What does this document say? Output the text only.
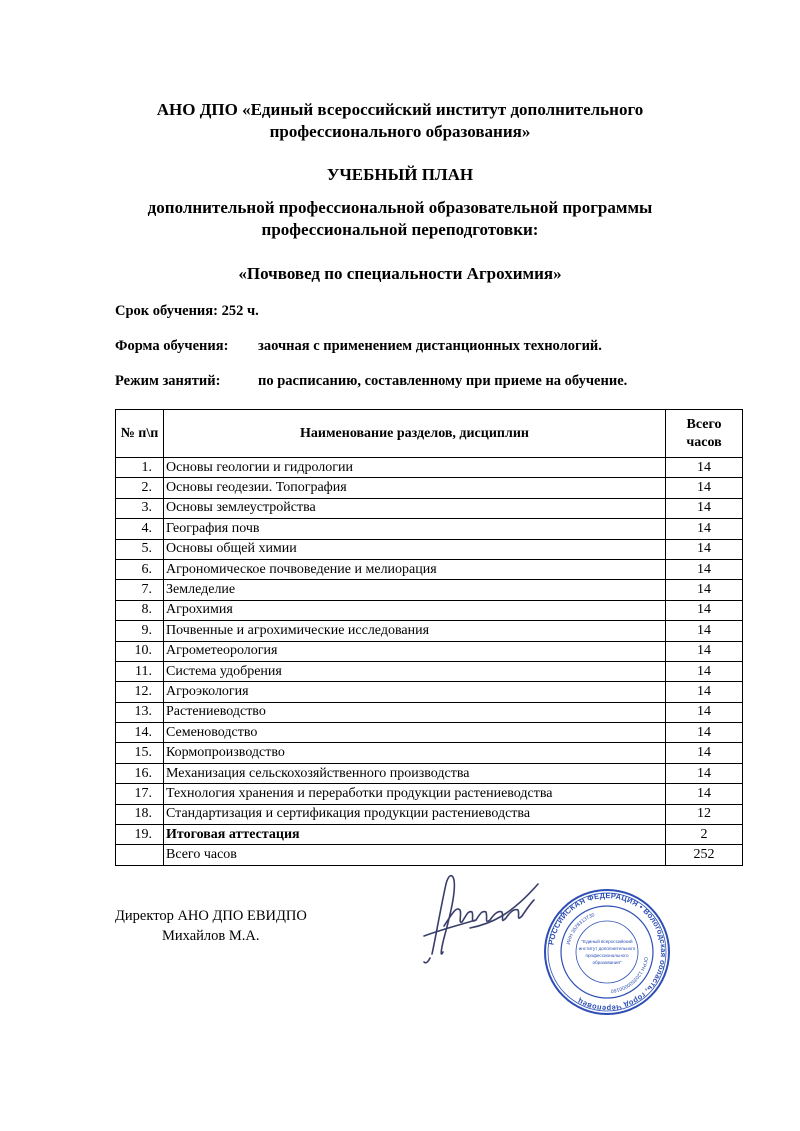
АНО ДПО «Единый всероссийский институт дополнительного
профессионального образования»
УЧЕБНЫЙ ПЛАН
дополнительной профессиональной образовательной программы
профессиональной переподготовки:
«Почвовед по специальности Агрохимия»
Срок обучения: 252 ч.
Форма обучения: заочная с применением дистанционных технологий.
Режим занятий:	по расписанию, составленному при приеме на обучение.
№ п\п	Наименование разделов, дисциплин	Всего
часов
1.	Основы геологии и гидрологии	14
2.	Основы геодезии. Топография	14
3.	Основы землеустройства	14
4.	География почв	14
5.	Основы общей химии	14
6.	Агрономическое почвоведение и мелиорация	14
7.	Земледелие	14
8.	Агрохимия	14
9.	Почвенные и агрохимические исследования	14
10.	Агрометеорология	14
11.	Система удобрения	14
12.	Агроэкология	14
13.	Растениеводство	14
14.	Семеноводство	14
15.	Кормопроизводство	14
16.	Механизация сельскохозяйственного производства	14
17.	Технология хранения и переработки продукции растениеводства	14
18.	Стандартизация и сертификация продукции растениеводства	12
19.	Итоговая аттестация	2
	Всего часов	252
Директор АНО ДПО ЕВИДПО
Михайлов М.А.	РОССИЙСКАЯ ФЕДЕРАЦИЯ • Вологодская область, город Череповец
ИНН 3528313730
ОГРН 1203500000160
"Единый всероссийский
институт дополнительного
профессионального
образования"
